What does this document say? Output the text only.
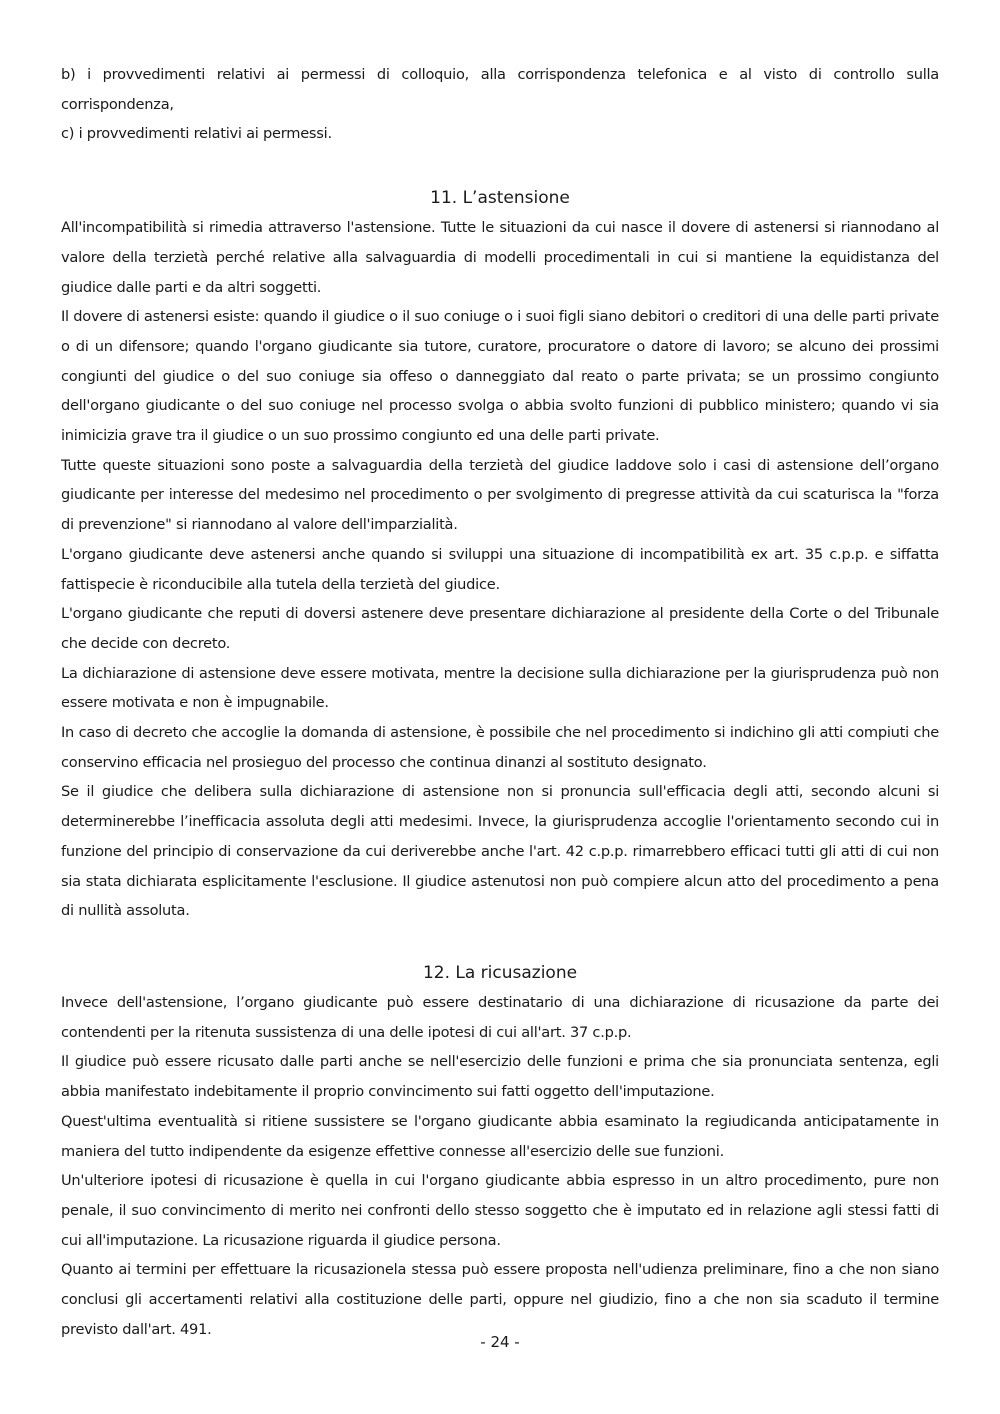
b) i provvedimenti relativi ai permessi di colloquio, alla corrispondenza telefonica e al visto di controllo sulla corrispondenza,

c) i provvedimenti relativi ai permessi.

11. L’astensione

All'incompatibilità si rimedia attraverso l'astensione. Tutte le situazioni da cui nasce il dovere di astenersi si riannodano al valore della terzietà perché relative alla salvaguardia di modelli procedimentali in cui si mantiene la equidistanza del giudice dalle parti e da altri soggetti.

Il dovere di astenersi esiste: quando il giudice o il suo coniuge o i suoi figli siano debitori o creditori di una delle parti private o di un difensore; quando l'organo giudicante sia tutore, curatore, procuratore o datore di lavoro; se alcuno dei prossimi congiunti del giudice o del suo coniuge sia offeso o danneggiato dal reato o parte privata; se un prossimo congiunto dell'organo giudicante o del suo coniuge nel processo svolga o abbia svolto funzioni di pubblico ministero; quando vi sia inimicizia grave tra il giudice o un suo prossimo congiunto ed una delle parti private.

Tutte queste situazioni sono poste a salvaguardia della terzietà del giudice laddove solo i casi di astensione dell’organo giudicante per interesse del medesimo nel procedimento o per svolgimento di pregresse attività da cui scaturisca la "forza di prevenzione" si riannodano al valore dell'imparzialità.

L'organo giudicante deve astenersi anche quando si sviluppi una situazione di incompatibilità ex art. 35 c.p.p. e siffatta fattispecie è riconducibile alla tutela della terzietà del giudice.

L'organo giudicante che reputi di doversi astenere deve presentare dichiarazione al presidente della Corte o del Tribunale che decide con decreto.

La dichiarazione di astensione deve essere motivata, mentre la decisione sulla dichiarazione per la giurisprudenza può non essere motivata e non è impugnabile.

In caso di decreto che accoglie la domanda di astensione, è possibile che nel procedimento si indichino gli atti compiuti che conservino efficacia nel prosieguo del processo che continua dinanzi al sostituto designato.

Se il giudice che delibera sulla dichiarazione di astensione non si pronuncia sull'efficacia degli atti, secondo alcuni si determinerebbe l’inefficacia assoluta degli atti medesimi. Invece, la giurisprudenza accoglie l'orientamento secondo cui in funzione del principio di conservazione da cui deriverebbe anche l'art. 42 c.p.p. rimarrebbero efficaci tutti gli atti di cui non sia stata dichiarata esplicitamente l'esclusione. Il giudice astenutosi non può compiere alcun atto del procedimento a pena di nullità assoluta.

12. La ricusazione

Invece dell'astensione, l’organo giudicante può essere destinatario di una dichiarazione di ricusazione da parte dei contendenti per la ritenuta sussistenza di una delle ipotesi di cui all'art. 37 c.p.p.

Il giudice può essere ricusato dalle parti anche se nell'esercizio delle funzioni e prima che sia pronunciata sentenza, egli abbia manifestato indebitamente il proprio convincimento sui fatti oggetto dell'imputazione.

Quest'ultima eventualità si ritiene sussistere se l'organo giudicante abbia esaminato la regiudicanda anticipatamente in maniera del tutto indipendente da esigenze effettive connesse all'esercizio delle sue funzioni.

Un'ulteriore ipotesi di ricusazione è quella in cui l'organo giudicante abbia espresso in un altro procedimento, pure non penale, il suo convincimento di merito nei confronti dello stesso soggetto che è imputato ed in relazione agli stessi fatti di cui all'imputazione. La ricusazione riguarda il giudice persona.

Quanto ai termini per effettuare la ricusazionela stessa può essere proposta nell'udienza preliminare, fino a che non siano conclusi gli accertamenti relativi alla costituzione delle parti, oppure nel giudizio, fino a che non sia scaduto il termine previsto dall'art. 491.

- 24 -
